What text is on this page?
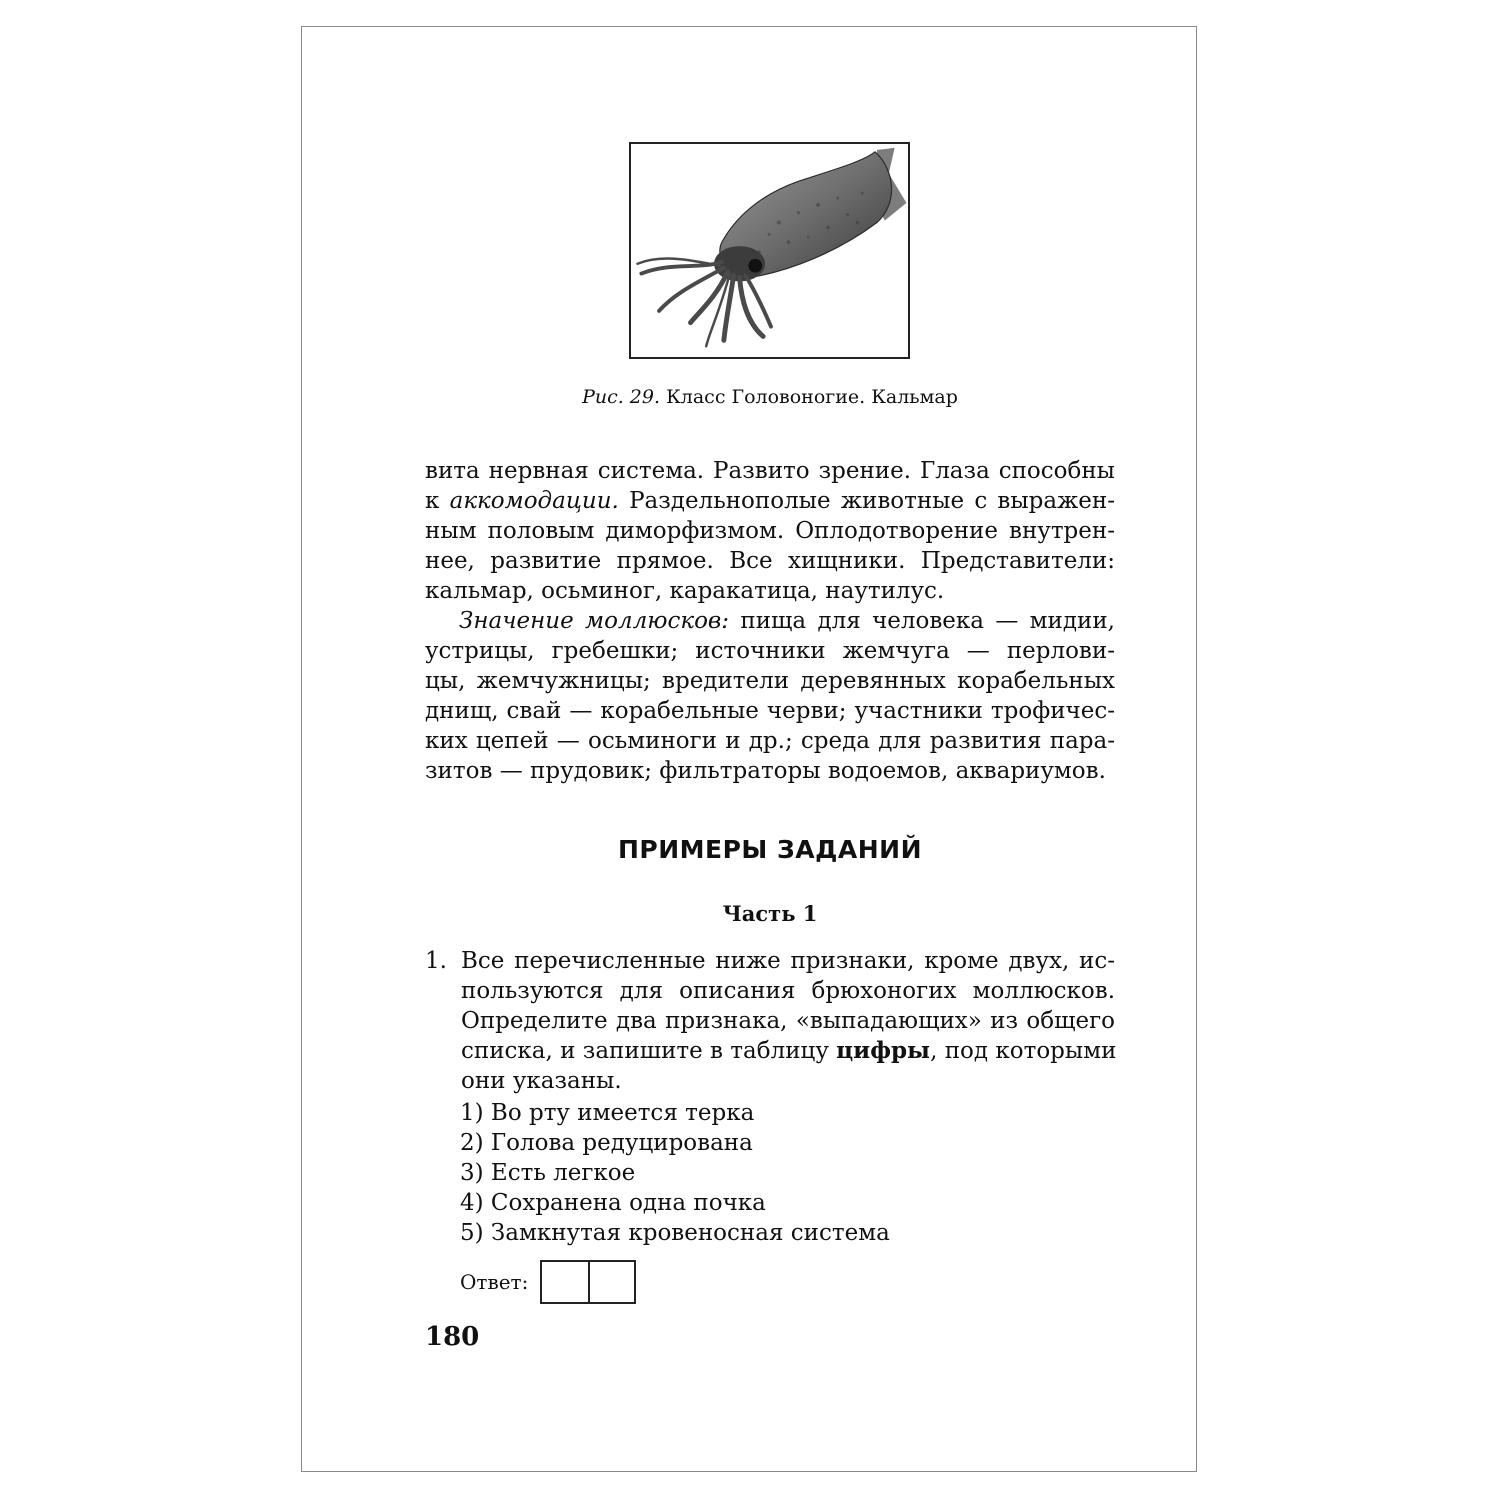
Рис. 29. Класс Головоногие. Кальмар
вита нервная система. Развито зрение. Глаза способны
к аккомодации. Раздельнополые животные с выражен-
ным половым диморфизмом. Оплодотворение внутрен-
нее, развитие прямое. Все хищники. Представители:
кальмар, осьминог, каракатица, наутилус.
Значение моллюсков: пища для человека — мидии,
устрицы, гребешки; источники жемчуга — перлови-
цы, жемчужницы; вредители деревянных корабельных
днищ, свай — корабельные черви; участники трофичес-
ких цепей — осьминоги и др.; среда для развития пара-
зитов — прудовик; фильтраторы водоемов, аквариумов.
ПРИМЕРЫ ЗАДАНИЙ
Часть 1
1. Все перечисленные ниже признаки, кроме двух, ис-
пользуются для описания брюхоногих моллюсков.
Определите два признака, «выпадающих» из общего
списка, и запишите в таблицу цифры, под которыми
они указаны.
1) Во рту имеется терка
2) Голова редуцирована
3) Есть легкое
4) Сохранена одна почка
5) Замкнутая кровеносная система
Ответ:
180
